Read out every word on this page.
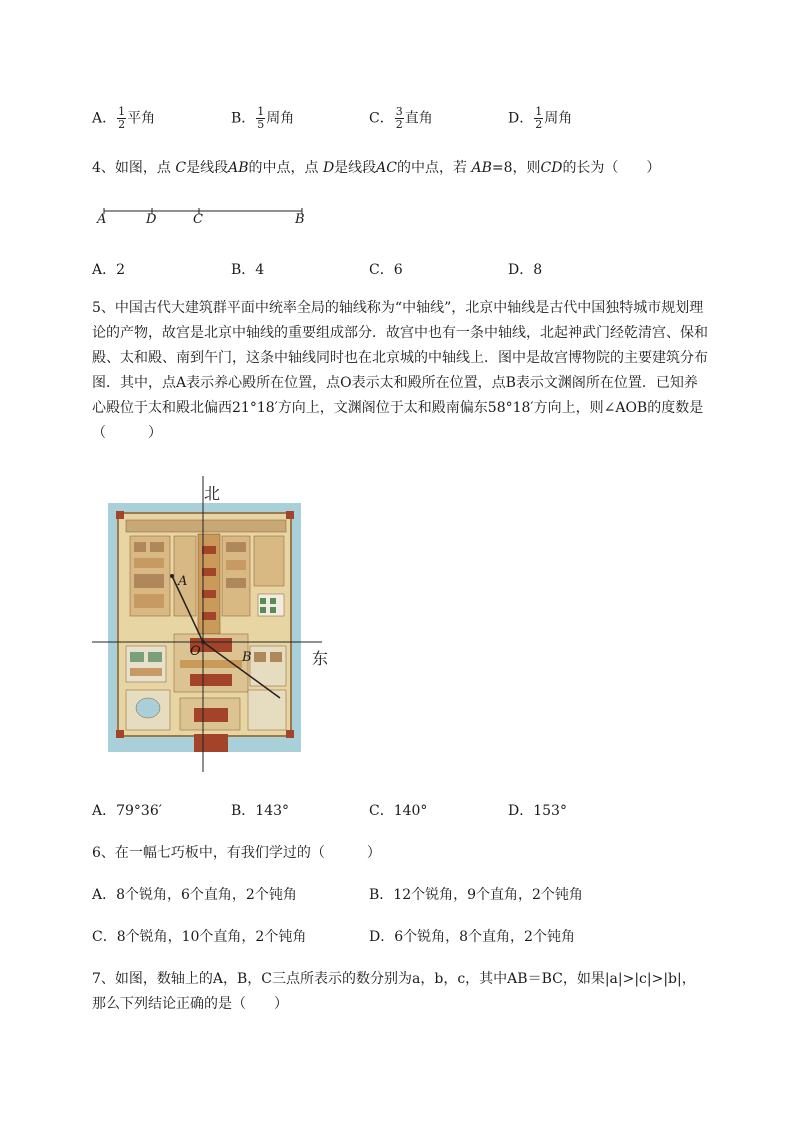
A． $\frac{1}{2}$ 平角	B． $\frac{1}{5}$ 周角	C． $\frac{3}{2}$ 直角	D． $\frac{1}{2}$ 周角
4、如图，点 C是线段AB的中点，点 D是线段AC的中点，若 AB=8，则CD的长为（　　）
A	D	C	B
A．2	B．4	C．6	D．8
5、中国古代大建筑群平面中统率全局的轴线称为“中轴线”，北京中轴线是古代中国独特城市规划理
论的产物，故宫是北京中轴线的重要组成部分．故宫中也有一条中轴线，北起神武门经乾清宫、保和
殿、太和殿、南到午门，这条中轴线同时也在北京城的中轴线上．图中是故宫博物院的主要建筑分布
图．其中，点A表示养心殿所在位置，点O表示太和殿所在位置，点B表示文渊阁所在位置．已知养
心殿位于太和殿北偏西21°18′方向上，文渊阁位于太和殿南偏东58°18′方向上，则∠AOB的度数是
（　　　）
北
东
A
O	B
A．79°36′	B．143°	C．140°	D．153°
6、在一幅七巧板中，有我们学过的（　　　）
A．8个锐角，6个直角，2个钝角	B．12个锐角，9个直角，2个钝角
C．8个锐角，10个直角，2个钝角	D．6个锐角，8个直角，2个钝角
7、如图，数轴上的A，B，C三点所表示的数分别为a，b，c，其中AB＝BC，如果|a|>|c|>|b|，
那么下列结论正确的是（　　）
